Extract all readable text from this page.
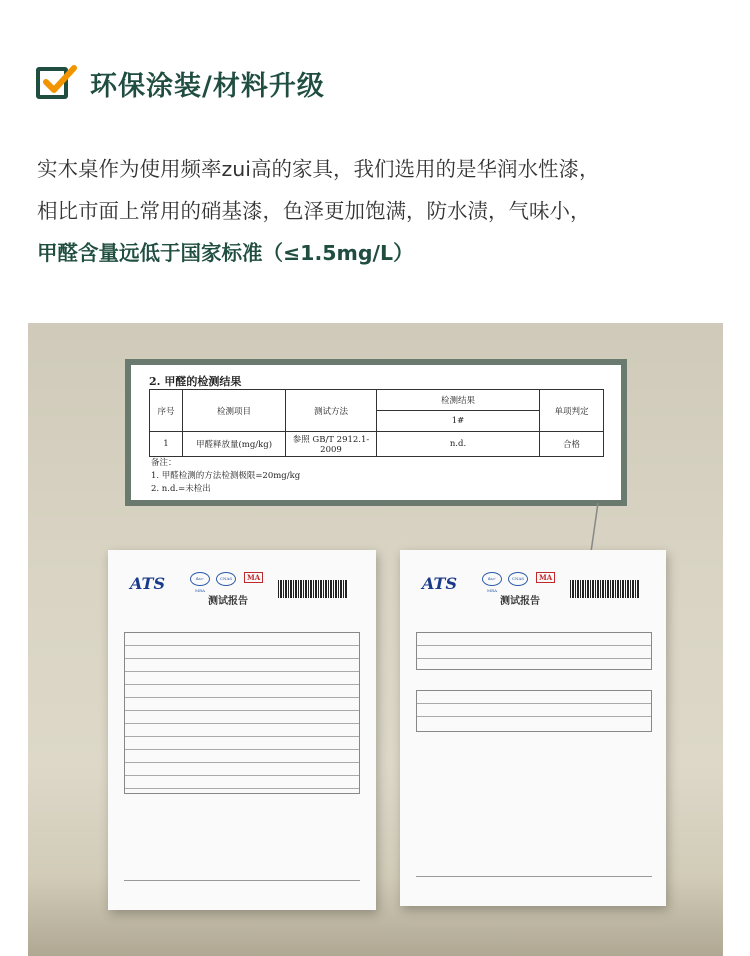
环保涂装/材料升级
实木桌作为使用频率zui高的家具，我们选用的是华润水性漆，
相比市面上常用的硝基漆，色泽更加饱满，防水渍，气味小，
甲醛含量远低于国家标准（≤1.5mg/L）
2. 甲醛的检测结果
序号	检测项目	测试方法	检测结果	单项判定
			1#	
1	甲醛释放量(mg/kg)	参照 GB/T 2912.1-2009	n.d.	合格
备注：
1. 甲醛检测的方法检测极限=20mg/kg
2. n.d.=未检出
ATS	ilac-MRA
CNAS	MA
测试报告
ATS	ilac-MRA
CNAS	MA
测试报告
